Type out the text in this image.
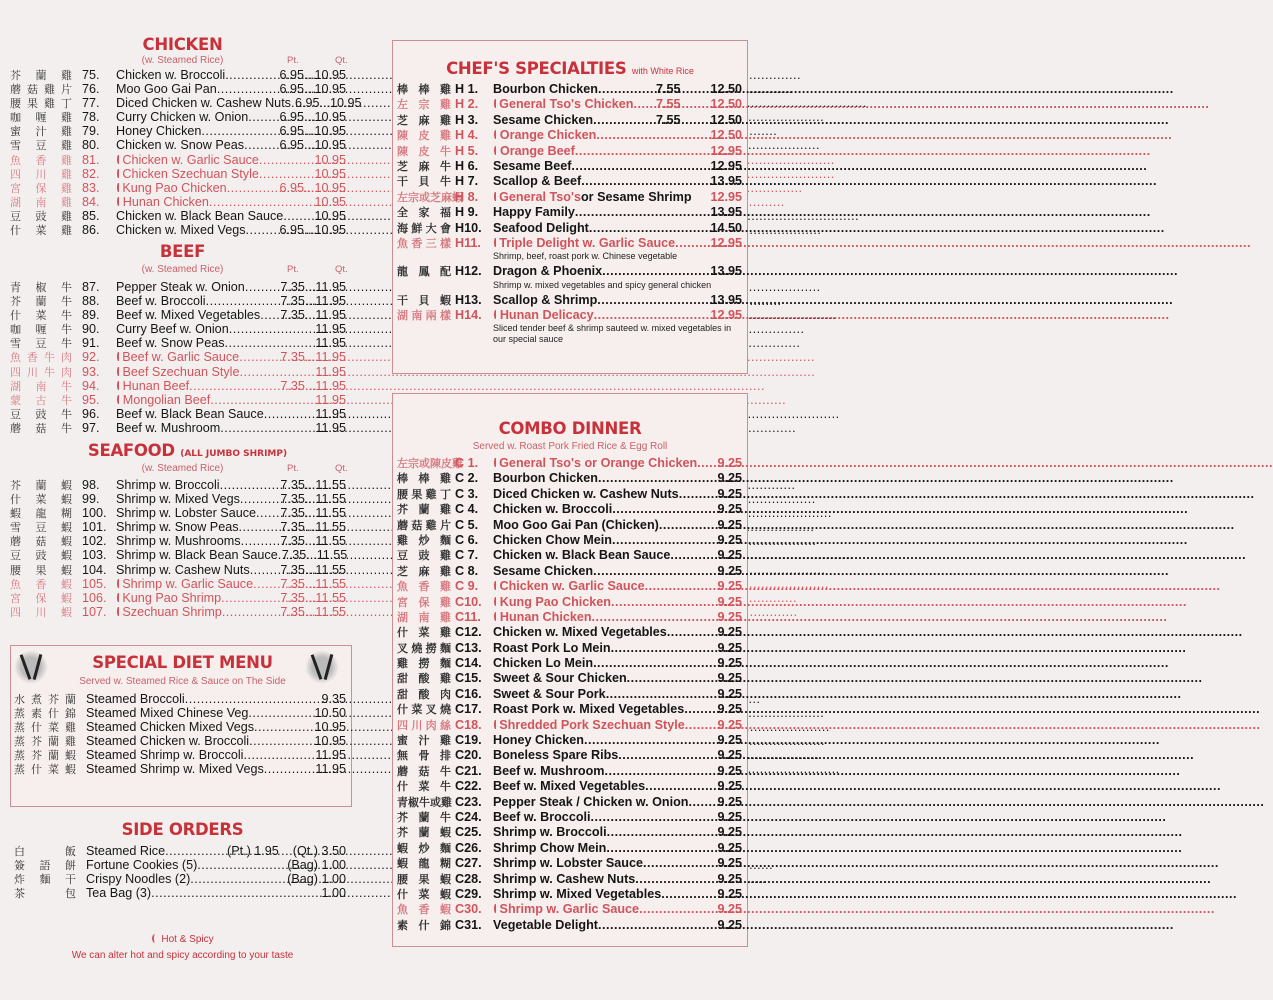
CHICKEN
(w. Steamed Rice)	Pt.	Qt.
芥蘭雞 75.	Chicken w. Broccoli .....	6.95 ... 10.95
蘑菇雞片 76.	Moo Goo Gai Pan .....	6.95 ... 10.95
腰果雞丁 77.	Diced Chicken w. Cashew Nuts ..... 6.95 ... 10.95
咖喱雞 78.	Curry Chicken w. Onion ..... 6.95 ... 10.95
蜜汁雞 79.	Honey Chicken .....	6.95 ... 10.95
雪豆雞 80.	Chicken w. Snow Peas .....	6.95 ... 10.95
魚香雞 81.	Chicken w. Garlic Sauce .....	10.95
四川雞 82.	Chicken Szechuan Style .....	10.95
宮保雞 83.	Kung Pao Chicken .....	6.95 ... 10.95
湖南雞 84.	Hunan Chicken .....	10.95
豆豉雞 85.	Chicken w. Black Bean Sauce ..... 10.95
什菜雞 86.	Chicken w. Mixed Vegs .....	6.95 ... 10.95
BEEF
(w. Steamed Rice)	Pt.	Qt.
青椒牛 87.	Pepper Steak w. Onion .....	7.35 ... 11.95
芥蘭牛 88.	Beef w. Broccoli .....	7.35 ... 11.95
什菜牛 89.	Beef w. Mixed Vegetables ..... 7.35 ... 11.95
咖喱牛 90.	Curry Beef w. Onion .....	11.95
雪豆牛 91.	Beef w. Snow Peas .....	11.95
魚香牛肉 92.	Beef w. Garlic Sauce .....	7.35 ... 11.95
四川牛肉 93.	Beef Szechuan Style .....	11.95
湖南牛 94.	Hunan Beef .....	7.35 ... 11.95
蒙古牛 95.	Mongolian Beef .....	11.95
豆豉牛 96.	Beef w. Black Bean Sauce .....	11.95
蘑菇牛 97.	Beef w. Mushroom .....	11.95
SEAFOOD (ALL JUMBO SHRIMP)
(w. Steamed Rice)	Pt.	Qt.
芥蘭蝦 98.	Shrimp w. Broccoli .....	7.35 ... 11.55
什菜蝦 99.	Shrimp w. Mixed Vegs .....	7.35 ... 11.55
蝦龍糊 100. Shrimp w. Lobster Sauce ..... 7.35 ... 11.55
雪豆蝦 101. Shrimp w. Snow Peas .....	7.35 ... 11.55
蘑菇蝦 102. Shrimp w. Mushrooms .....	7.35 ... 11.55
豆豉蝦 103. Shrimp w. Black Bean Sauce ..... 7.35 ... 11.55
腰果蝦 104. Shrimp w. Cashew Nuts ..... 7.35 ... 11.55
魚香蝦 105.	Shrimp w. Garlic Sauce ..... 7.35 ... 11.55
宮保蝦 106.	Kung Pao Shrimp .....	7.35 ... 11.55
四川蝦 107.	Szechuan Shrimp .....	7.35 ... 11.55
SPECIAL DIET MENU
Served w. Steamed Rice & Sauce on The Side
水煮芥蘭 Steamed Broccoli .....	9.35
蒸素什錦 Steamed Mixed Chinese Veg .....	10.50
蒸什菜雞 Steamed Chicken Mixed Vegs .....	10.95
蒸芥蘭雞 Steamed Chicken w. Broccoli .....	10.95
蒸芥蘭蝦 Steamed Shrimp w. Broccoli .....	11.95
蒸什菜蝦 Steamed Shrimp w. Mixed Vegs .....	11.95
SIDE ORDERS
白飯 Steamed Rice .....	(Pt.) 1.95 (Qt.) 3.50
簽語餅 Fortune Cookies (5) .....	(Bag) 1.00
炸麵干 Crispy Noodles (2) .....	(Bag) 1.00
茶包 Tea Bag (3) .....	1.00
Hot & Spicy
We can alter hot and spicy according to your taste
CHEF'S SPECIALTIES with White Rice
棒棒雞 H 1.	Bourbon Chicken .....	7.55 12.50
左宗雞 H 2.	General Tso's Chicken ..... 7.55 12.50
芝麻雞 H 3.	Sesame Chicken .....	7.55 12.50
陳皮雞 H 4.	Orange Chicken .....	12.50
陳皮牛 H 5.	Orange Beef .....	12.95
芝麻牛 H 6.	Sesame Beef .....	12.95
干貝牛 H 7.	Scallop & Beef .....	13.95
左宗或芝麻蝦
H 8.	General Tso's or Sesame Shrimp 12.95
全家福 H 9.	Happy Family .....	13.95
海鮮大會 H10. Seafood Delight .....	14.50
魚香三樣 H11.	Triple Delight w. Garlic Sauce .....	12.95
Shrimp, beef, roast pork w. Chinese vegetable
龍鳳配 H12. Dragon & Phoenix .....	13.95
Shrimp w. mixed vegetables and spicy general chicken
干貝蝦 H13. Scallop & Shrimp .....	13.95
湖南兩樣 H14.	Hunan Delicacy .....	12.95
Sliced tender beef & shrimp sauteed w. mixed vegetables in our special sauce
COMBO DINNER
Served w. Roast Pork Fried Rice & Egg Roll
左宗或陳皮雞
C 1.	General Tso's or Orange Chicken ..... 9.25
棒棒雞 C 2.	Bourbon Chicken .....	9.25
腰果雞丁 C 3.	Diced Chicken w. Cashew Nuts .....	9.25
芥蘭雞 C 4.	Chicken w. Broccoli .....	9.25
蘑菇雞片 C 5.	Moo Goo Gai Pan (Chicken) .....	9.25
雞炒麵 C 6.	Chicken Chow Mein .....	9.25
豆豉雞 C 7.	Chicken w. Black Bean Sauce .....	9.25
芝麻雞 C 8.	Sesame Chicken .....	9.25
魚香雞 C 9.	Chicken w. Garlic Sauce .....	9.25
宮保雞 C10.	Kung Pao Chicken .....	9.25
湖南雞 C11.	Hunan Chicken .....	9.25
什菜雞 C12. Chicken w. Mixed Vegetables .....	9.25
叉燒撈麵 C13. Roast Pork Lo Mein .....	9.25
雞撈麵 C14. Chicken Lo Mein .....	9.25
甜酸雞 C15. Sweet & Sour Chicken .....	9.25
甜酸肉 C16. Sweet & Sour Pork .....	9.25
什菜叉燒 C17. Roast Pork w. Mixed Vegetables .....	9.25
四川肉絲 C18.	Shredded Pork Szechuan Style .....	9.25
蜜汁雞 C19. Honey Chicken .....	9.25
無骨排 C20. Boneless Spare Ribs .....	9.25
蘑菇牛 C21. Beef w. Mushroom .....	9.25
什菜牛 C22. Beef w. Mixed Vegetables .....	9.25
青椒牛或雞 C23. Pepper Steak / Chicken w. Onion ..... 9.25
芥蘭牛 C24. Beef w. Broccoli .....	9.25
芥蘭蝦 C25. Shrimp w. Broccoli .....	9.25
蝦炒麵 C26. Shrimp Chow Mein .....	9.25
蝦龍糊 C27. Shrimp w. Lobster Sauce .....	9.25
腰果蝦 C28. Shrimp w. Cashew Nuts .....	9.25
什菜蝦 C29. Shrimp w. Mixed Vegetables .....	9.25
魚香蝦 C30.	Shrimp w. Garlic Sauce .....	9.25
素什錦 C31. Vegetable Delight .....	9.25
